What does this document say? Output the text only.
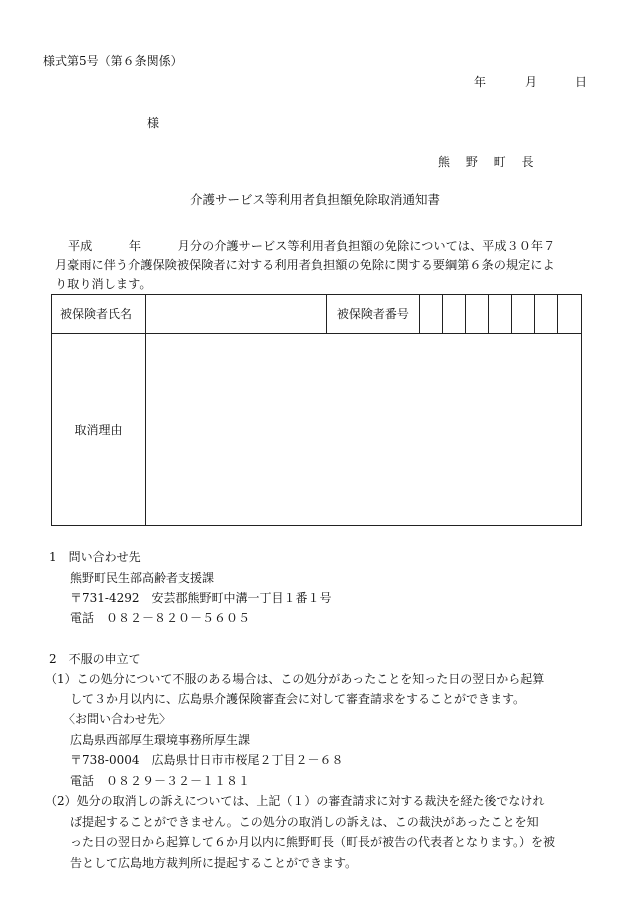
様式第5号（第６条関係）
年	月	日
様
熊 野 町 長
介護サービス等利用者負担額免除取消通知書
平成　　　年　　　月分の介護サービス等利用者負担額の免除については、平成３０年７
月豪雨に伴う介護保険被保険者に対する利用者負担額の免除に関する要綱第６条の規定によ
り取り消します。
被保険者氏名		被保険者番号							
取消理由									
1　問い合わせ先
熊野町民生部高齢者支援課
〒731-4292　安芸郡熊野町中溝一丁目１番１号
電話　０８２－８２０－５６０５
2　不服の申立て
（1）この処分について不服のある場合は、この処分があったことを知った日の翌日から起算
して３か月以内に、広島県介護保険審査会に対して審査請求をすることができます。
〈お問い合わせ先〉
広島県西部厚生環境事務所厚生課
〒738-0004　広島県廿日市市桜尾２丁目２－６８
電話　０８２９－３２－１１８１
（2）処分の取消しの訴えについては、上記（１）の審査請求に対する裁決を経た後でなけれ
ば提起することができません。この処分の取消しの訴えは、この裁決があったことを知
った日の翌日から起算して６か月以内に熊野町長（町長が被告の代表者となります。）を被
告として広島地方裁判所に提起することができます。
